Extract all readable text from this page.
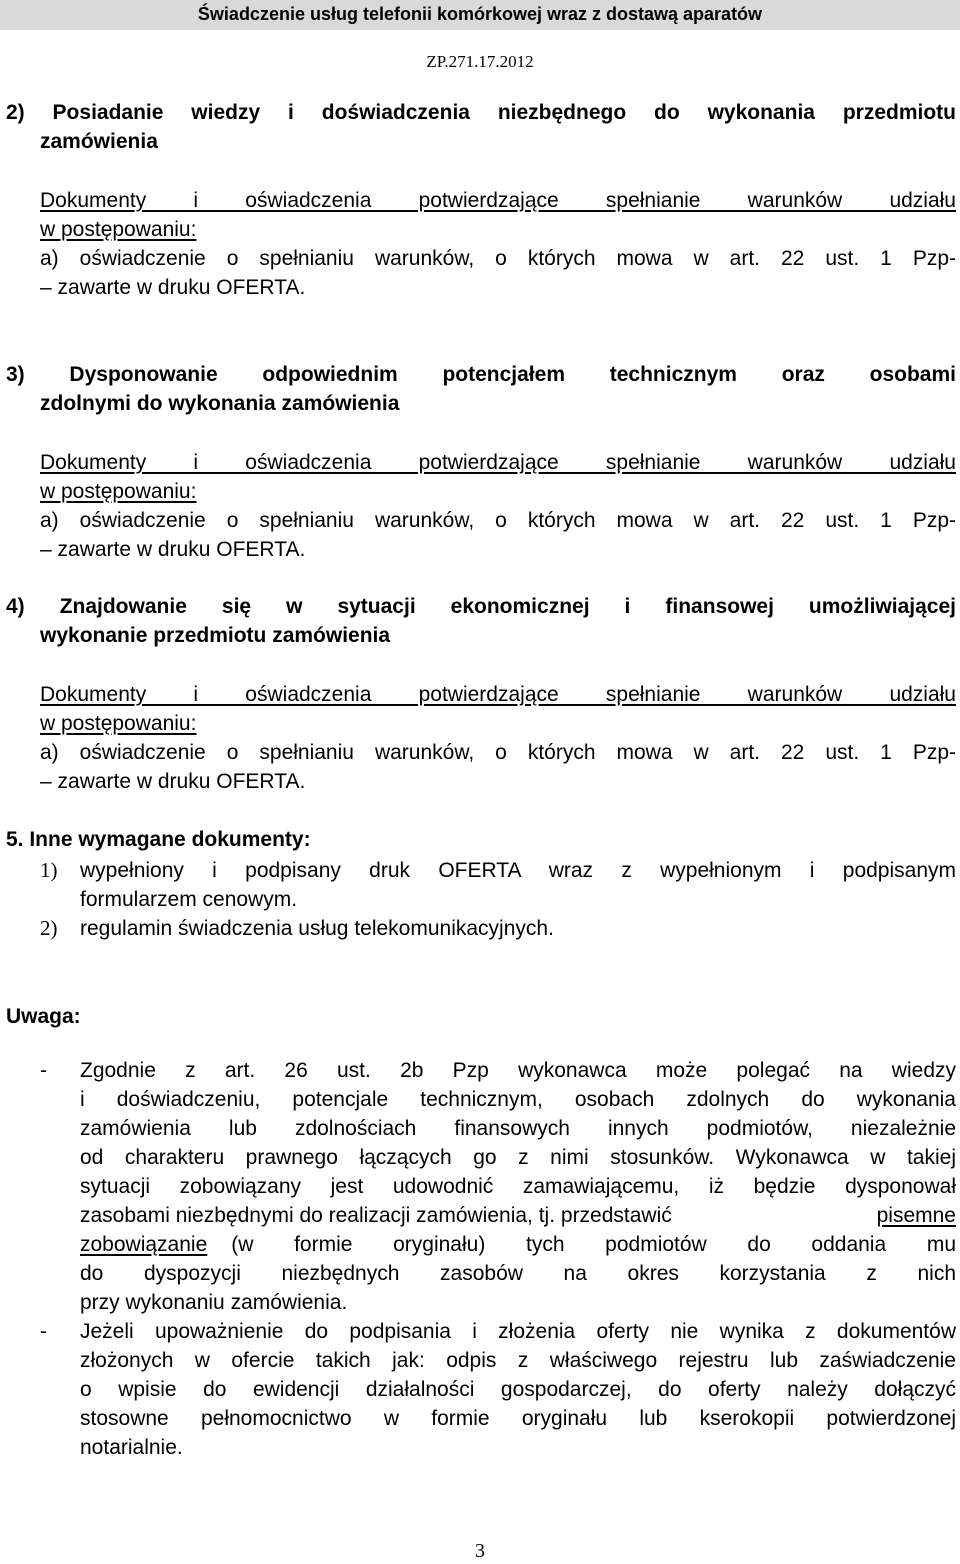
Świadczenie usług telefonii komórkowej wraz z dostawą aparatów
ZP.271.17.2012
2) Posiadanie wiedzy i doświadczenia niezbędnego do wykonania przedmiotu
zamówienia
Dokumenty i oświadczenia potwierdzające spełnianie warunków udziału
w postępowaniu:
a) oświadczenie o spełnianiu warunków, o których mowa w art. 22 ust. 1 Pzp-
– zawarte w druku OFERTA.
3) Dysponowanie odpowiednim potencjałem technicznym oraz osobami
zdolnymi do wykonania zamówienia
Dokumenty i oświadczenia potwierdzające spełnianie warunków udziału
w postępowaniu:
a) oświadczenie o spełnianiu warunków, o których mowa w art. 22 ust. 1 Pzp-
– zawarte w druku OFERTA.
4) Znajdowanie się w sytuacji ekonomicznej i finansowej umożliwiającej
wykonanie przedmiotu zamówienia
Dokumenty i oświadczenia potwierdzające spełnianie warunków udziału
w postępowaniu:
a) oświadczenie o spełnianiu warunków, o których mowa w art. 22 ust. 1 Pzp-
– zawarte w druku OFERTA.
5. Inne wymagane dokumenty:
1) wypełniony i podpisany druk OFERTA wraz z wypełnionym i podpisanym
formularzem cenowym.
2) regulamin świadczenia usług telekomunikacyjnych.
Uwaga:
- Zgodnie z art. 26 ust. 2b Pzp wykonawca może polegać na wiedzy
i doświadczeniu, potencjale technicznym, osobach zdolnych do wykonania
zamówienia lub zdolnościach finansowych innych podmiotów, niezależnie
od charakteru prawnego łączących go z nimi stosunków. Wykonawca w takiej
sytuacji zobowiązany jest udowodnić zamawiającemu, iż będzie dysponował
zasobami niezbędnymi do realizacji zamówienia, tj. przedstawić	pisemne
zobowiązanie	(w formie oryginału) tych podmiotów do oddania mu
do dyspozycji niezbędnych zasobów na okres korzystania z nich
przy wykonaniu zamówienia.
- Jeżeli upoważnienie do podpisania i złożenia oferty nie wynika z dokumentów
złożonych w ofercie takich jak: odpis z właściwego rejestru lub zaświadczenie
o wpisie do ewidencji działalności gospodarczej, do oferty należy dołączyć
stosowne pełnomocnictwo w formie oryginału lub kserokopii potwierdzonej
notarialnie.
3
